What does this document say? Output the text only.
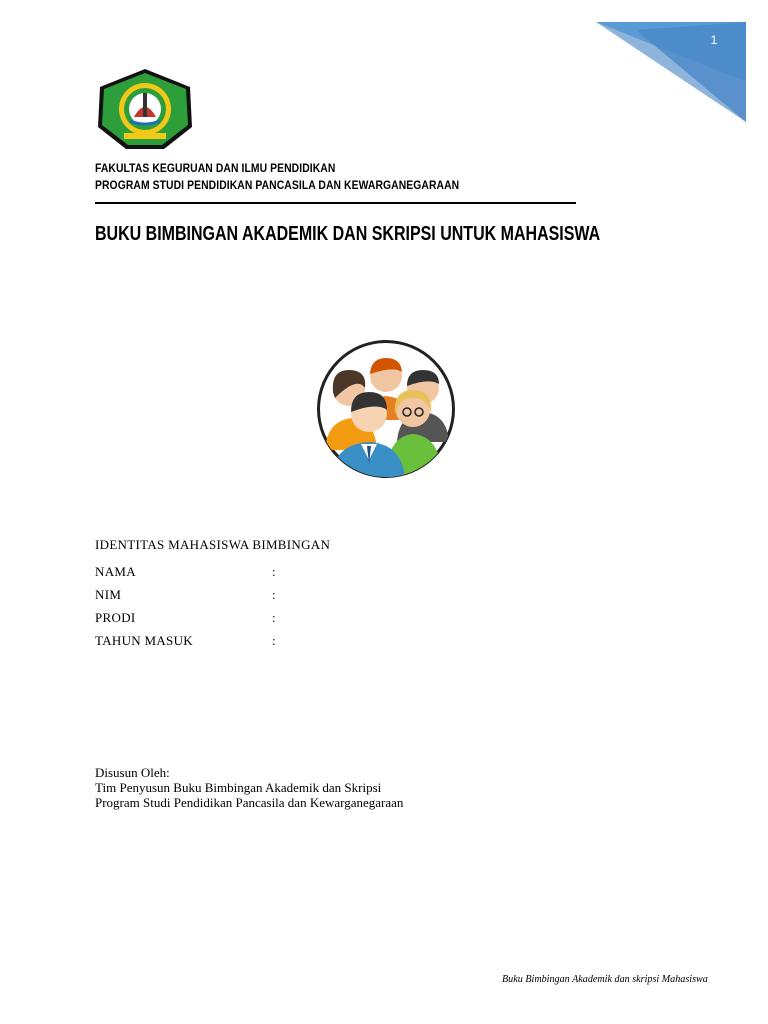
1
FAKULTAS KEGURUAN DAN ILMU PENDIDIKAN
PROGRAM STUDI PENDIDIKAN PANCASILA DAN KEWARGANEGARAAN
BUKU BIMBINGAN AKADEMIK DAN SKRIPSI UNTUK MAHASISWA
IDENTITAS MAHASISWA BIMBINGAN
NAMA	:
NIM	:
PRODI	:
TAHUN MASUK	:
Disusun Oleh:
Tim Penyusun Buku Bimbingan Akademik dan Skripsi
Program Studi Pendidikan Pancasila dan Kewarganegaraan
Buku Bimbingan Akademik dan skripsi Mahasiswa
